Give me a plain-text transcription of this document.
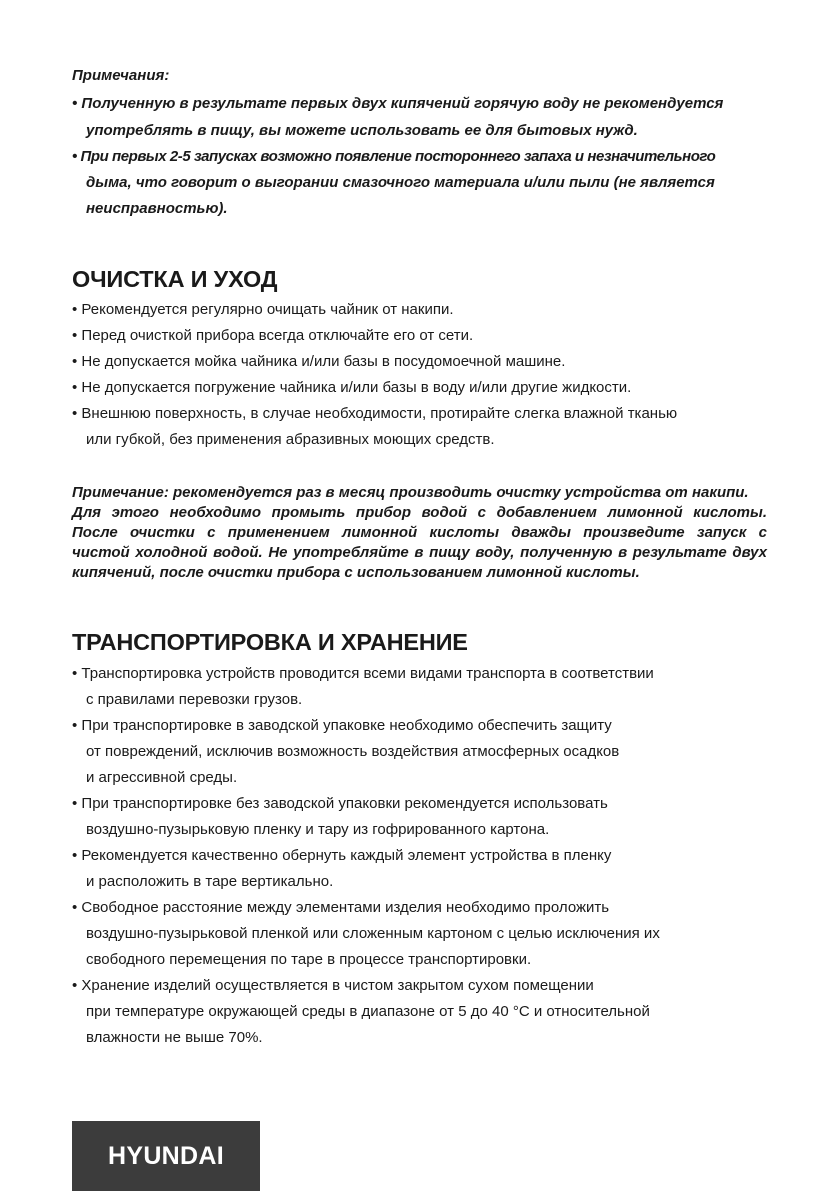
Примечания:
• Полученную в результате первых двух кипячений горячую воду не рекомендуется
употреблять в пищу, вы можете использовать ее для бытовых нужд.
• При первых 2-5 запусках возможно появление постороннего запаха и незначительного
дыма, что говорит о выгорании смазочного материала и/или пыли (не является
неисправностью).
ОЧИСТКА И УХОД
• Рекомендуется регулярно очищать чайник от накипи.
• Перед очисткой прибора всегда отключайте его от сети.
• Не допускается мойка чайника и/или базы в посудомоечной машине.
• Не допускается погружение чайника и/или базы в воду и/или другие жидкости.
• Внешнюю поверхность, в случае необходимости, протирайте слегка влажной тканью
или губкой, без применения абразивных моющих средств.
Примечание: рекомендуется раз в месяц производить очистку устройства от накипи.
Для этого необходимо промыть прибор водой с добавлением лимонной кислоты.
После очистки с применением лимонной кислоты дважды произведите запуск с
чистой холодной водой. Не употребляйте в пищу воду, полученную в результате двух
кипячений, после очистки прибора с использованием лимонной кислоты.
ТРАНСПОРТИРОВКА И ХРАНЕНИЕ
• Транспортировка устройств проводится всеми видами транспорта в соответствии
с правилами перевозки грузов.
• При транспортировке в заводской упаковке необходимо обеспечить защиту
от повреждений, исключив возможность воздействия атмосферных осадков
и агрессивной среды.
• При транспортировке без заводской упаковки рекомендуется использовать
воздушно-пузырьковую пленку и тару из гофрированного картона.
• Рекомендуется качественно обернуть каждый элемент устройства в пленку
и расположить в таре вертикально.
• Свободное расстояние между элементами изделия необходимо проложить
воздушно-пузырьковой пленкой или сложенным картоном с целью исключения их
свободного перемещения по таре в процессе транспортировки.
• Хранение изделий осуществляется в чистом закрытом сухом помещении
при температуре окружающей среды в диапазоне от 5 до 40 °С и относительной
влажности не выше 70%.
HYUNDAI
